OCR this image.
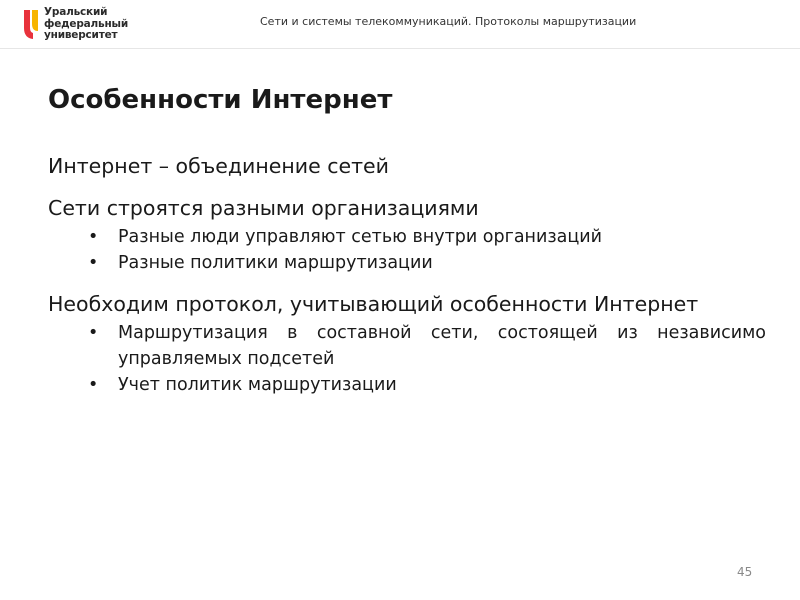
Уральский
федеральный
университет
Сети и системы телекоммуникаций. Протоколы маршрутизации
Особенности Интернет

Интернет – объединение сетей

Сети строятся разными организациями

• Разные люди управляют сетью внутри организаций
• Разные политики маршрутизации

Необходим протокол, учитывающий особенности Интернет

• Маршрутизация в составной сети, состоящей из независимо управляемых подсетей
• Учет политик маршрутизации
45
